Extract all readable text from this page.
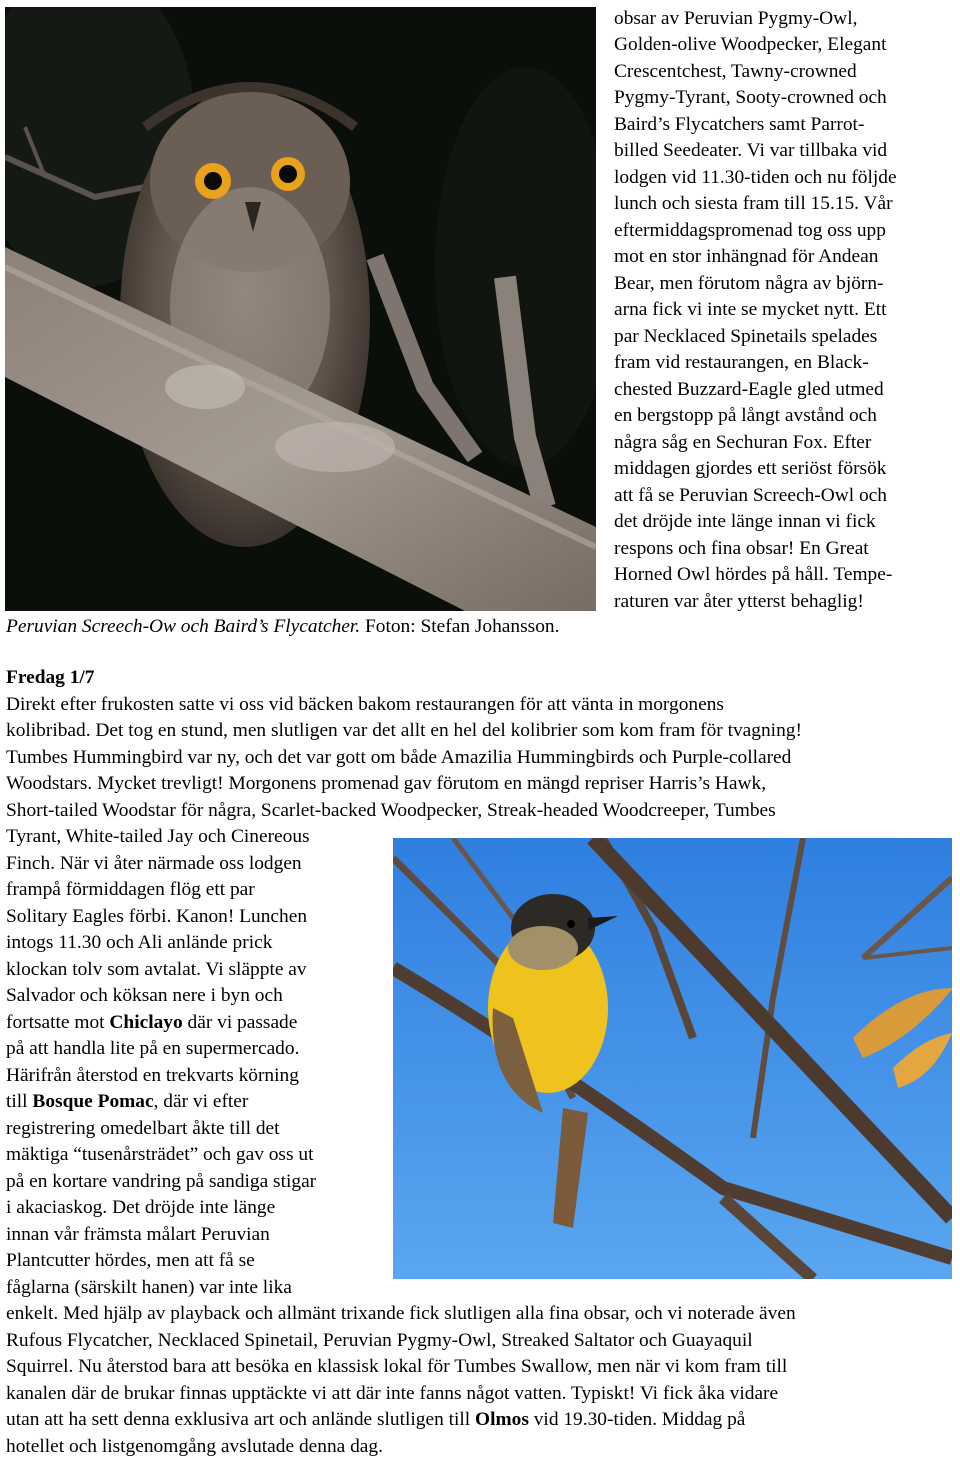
Peruvian Screech-Ow och Baird’s Flycatcher. Foton: Stefan Johansson.
obsar av Peruvian Pygmy-Owl,
Golden-olive Woodpecker, Elegant
Crescentchest, Tawny-crowned
Pygmy-Tyrant, Sooty-crowned och
Baird’s Flycatchers samt Parrot-
billed Seedeater. Vi var tillbaka vid
lodgen vid 11.30-tiden och nu följde
lunch och siesta fram till 15.15. Vår
eftermiddagspromenad tog oss upp
mot en stor inhängnad för Andean
Bear, men förutom några av björn-
arna fick vi inte se mycket nytt. Ett
par Necklaced Spinetails spelades
fram vid restaurangen, en Black-
chested Buzzard-Eagle gled utmed
en bergstopp på långt avstånd och
några såg en Sechuran Fox. Efter
middagen gjordes ett seriöst försök
att få se Peruvian Screech-Owl och
det dröjde inte länge innan vi fick
respons och fina obsar! En Great
Horned Owl hördes på håll. Tempe-
raturen var åter ytterst behaglig!
Fredag 1/7
Direkt efter frukosten satte vi oss vid bäcken bakom restaurangen för att vänta in morgonens
kolibribad. Det tog en stund, men slutligen var det allt en hel del kolibrier som kom fram för tvagning!
Tumbes Hummingbird var ny, och det var gott om både Amazilia Hummingbirds och Purple-collared
Woodstars. Mycket trevligt! Morgonens promenad gav förutom en mängd repriser Harris’s Hawk,
Short-tailed Woodstar för några, Scarlet-backed Woodpecker, Streak-headed Woodcreeper, Tumbes
Tyrant, White-tailed Jay och Cinereous
Finch. När vi åter närmade oss lodgen
frampå förmiddagen flög ett par
Solitary Eagles förbi. Kanon! Lunchen
intogs 11.30 och Ali anlände prick
klockan tolv som avtalat. Vi släppte av
Salvador och köksan nere i byn och
fortsatte mot Chiclayo där vi passade
på att handla lite på en supermercado.
Härifrån återstod en trekvarts körning
till Bosque Pomac, där vi efter
registrering omedelbart åkte till det
mäktiga “tusenårsträdet” och gav oss ut
på en kortare vandring på sandiga stigar
i akaciaskog. Det dröjde inte länge
innan vår främsta målart Peruvian
Plantcutter hördes, men att få se
fåglarna (särskilt hanen) var inte lika
enkelt. Med hjälp av playback och allmänt trixande fick slutligen alla fina obsar, och vi noterade även
Rufous Flycatcher, Necklaced Spinetail, Peruvian Pygmy-Owl, Streaked Saltator och Guayaquil
Squirrel. Nu återstod bara att besöka en klassisk lokal för Tumbes Swallow, men när vi kom fram till
kanalen där de brukar finnas upptäckte vi att där inte fanns något vatten. Typiskt! Vi fick åka vidare
utan att ha sett denna exklusiva art och anlände slutligen till Olmos vid 19.30-tiden. Middag på
hotellet och listgenomgång avslutade denna dag.
